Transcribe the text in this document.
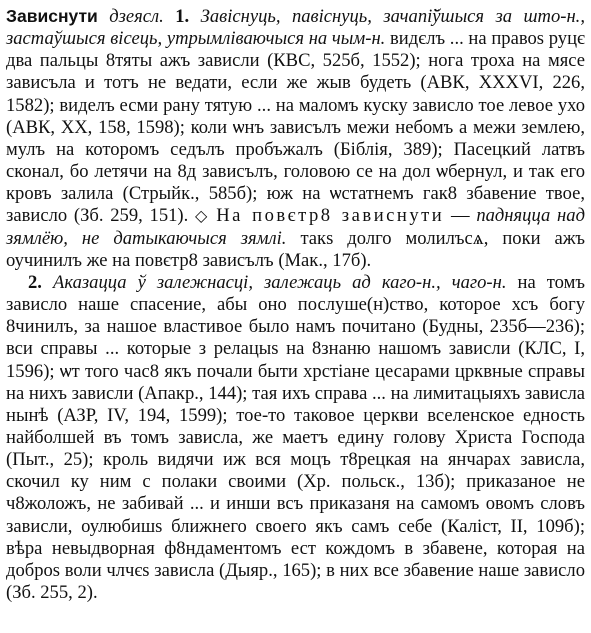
Зависнути дзеясл. 1. Завіснуць, павіснуць, зачапі̆ўшыся за што-н., застаўшыся вісець, утрымліваючыся на чым-н. видєлъ ... на правоs руцє два пальцы 8тяты ажъ зависли (КВС, 525б, 1552); нога троха на мясе зависъла и тотъ не ведати, если же жыв будеть (АВК, XXXVI, 226, 1582); виделъ есми рану тятую ... на маломъ куску зависло тое левое ухо (АВК, XX, 158, 1598); коли ѡнъ зависълъ межи небомъ а межи землею, мулъ на которомъ седълъ пробъжалъ (Біблія, 389); Пасецкий латвъ сконал, бо летячи на 8д зависълъ, головою се на дол ѡбернул, и так его кровъ залила (Стрыйк., 585б); юж на ѡстатнемъ гак8 збавение твое, зависло (Зб. 259, 151). ◇ На повєтр8 зависнути — падняцца над зямлёю, не датыкаючыся зямлі. такs долго молилъсѧ, поки ажъ оучинилъ же на повєтр8 зависълъ (Мак., 17б).

2. Аказацца ў залежнасці, залежаць ад каго-н., чаго-н. на томъ зависло наше спасение, абы оно послуше(н)ство, которое хсъ богу 8чинилъ, за нашое властивое было намъ почитано (Будны, 235б—236); вси справы ... которые з релацыs на 8знаню нашомъ зависли (КЛС, I, 1596); ѡт того час8 якъ почали быти хрстіане цесарами црквные справы на нихъ зависли (Апакр., 144); тая ихъ справа ... на лимитацыяхъ зависла нынѣ (АЗР, IV, 194, 1599); тое-то таковое церкви вселенское едность найболшей въ томъ зависла, же маетъ едину голову Христа Господа (Пыт., 25); кроль видячи иж вся моцъ т8рецкая на янчарах зависла, скочил ку ним с полаки своими (Хр. польск., 13б); приказаное не ч8жоложъ, не забивай ... и инши всъ приказаня на самомъ овомъ словъ зависли, оулюбишs ближнего своего якъ самъ себе (Каліст, II, 109б); вѣра невыдворная ф8ндаментомъ ест кождомъ в збавене, которая на доброs воли члчєs зависла (Дыяр., 165); в них все збавение наше зависло (Зб. 255, 2).
